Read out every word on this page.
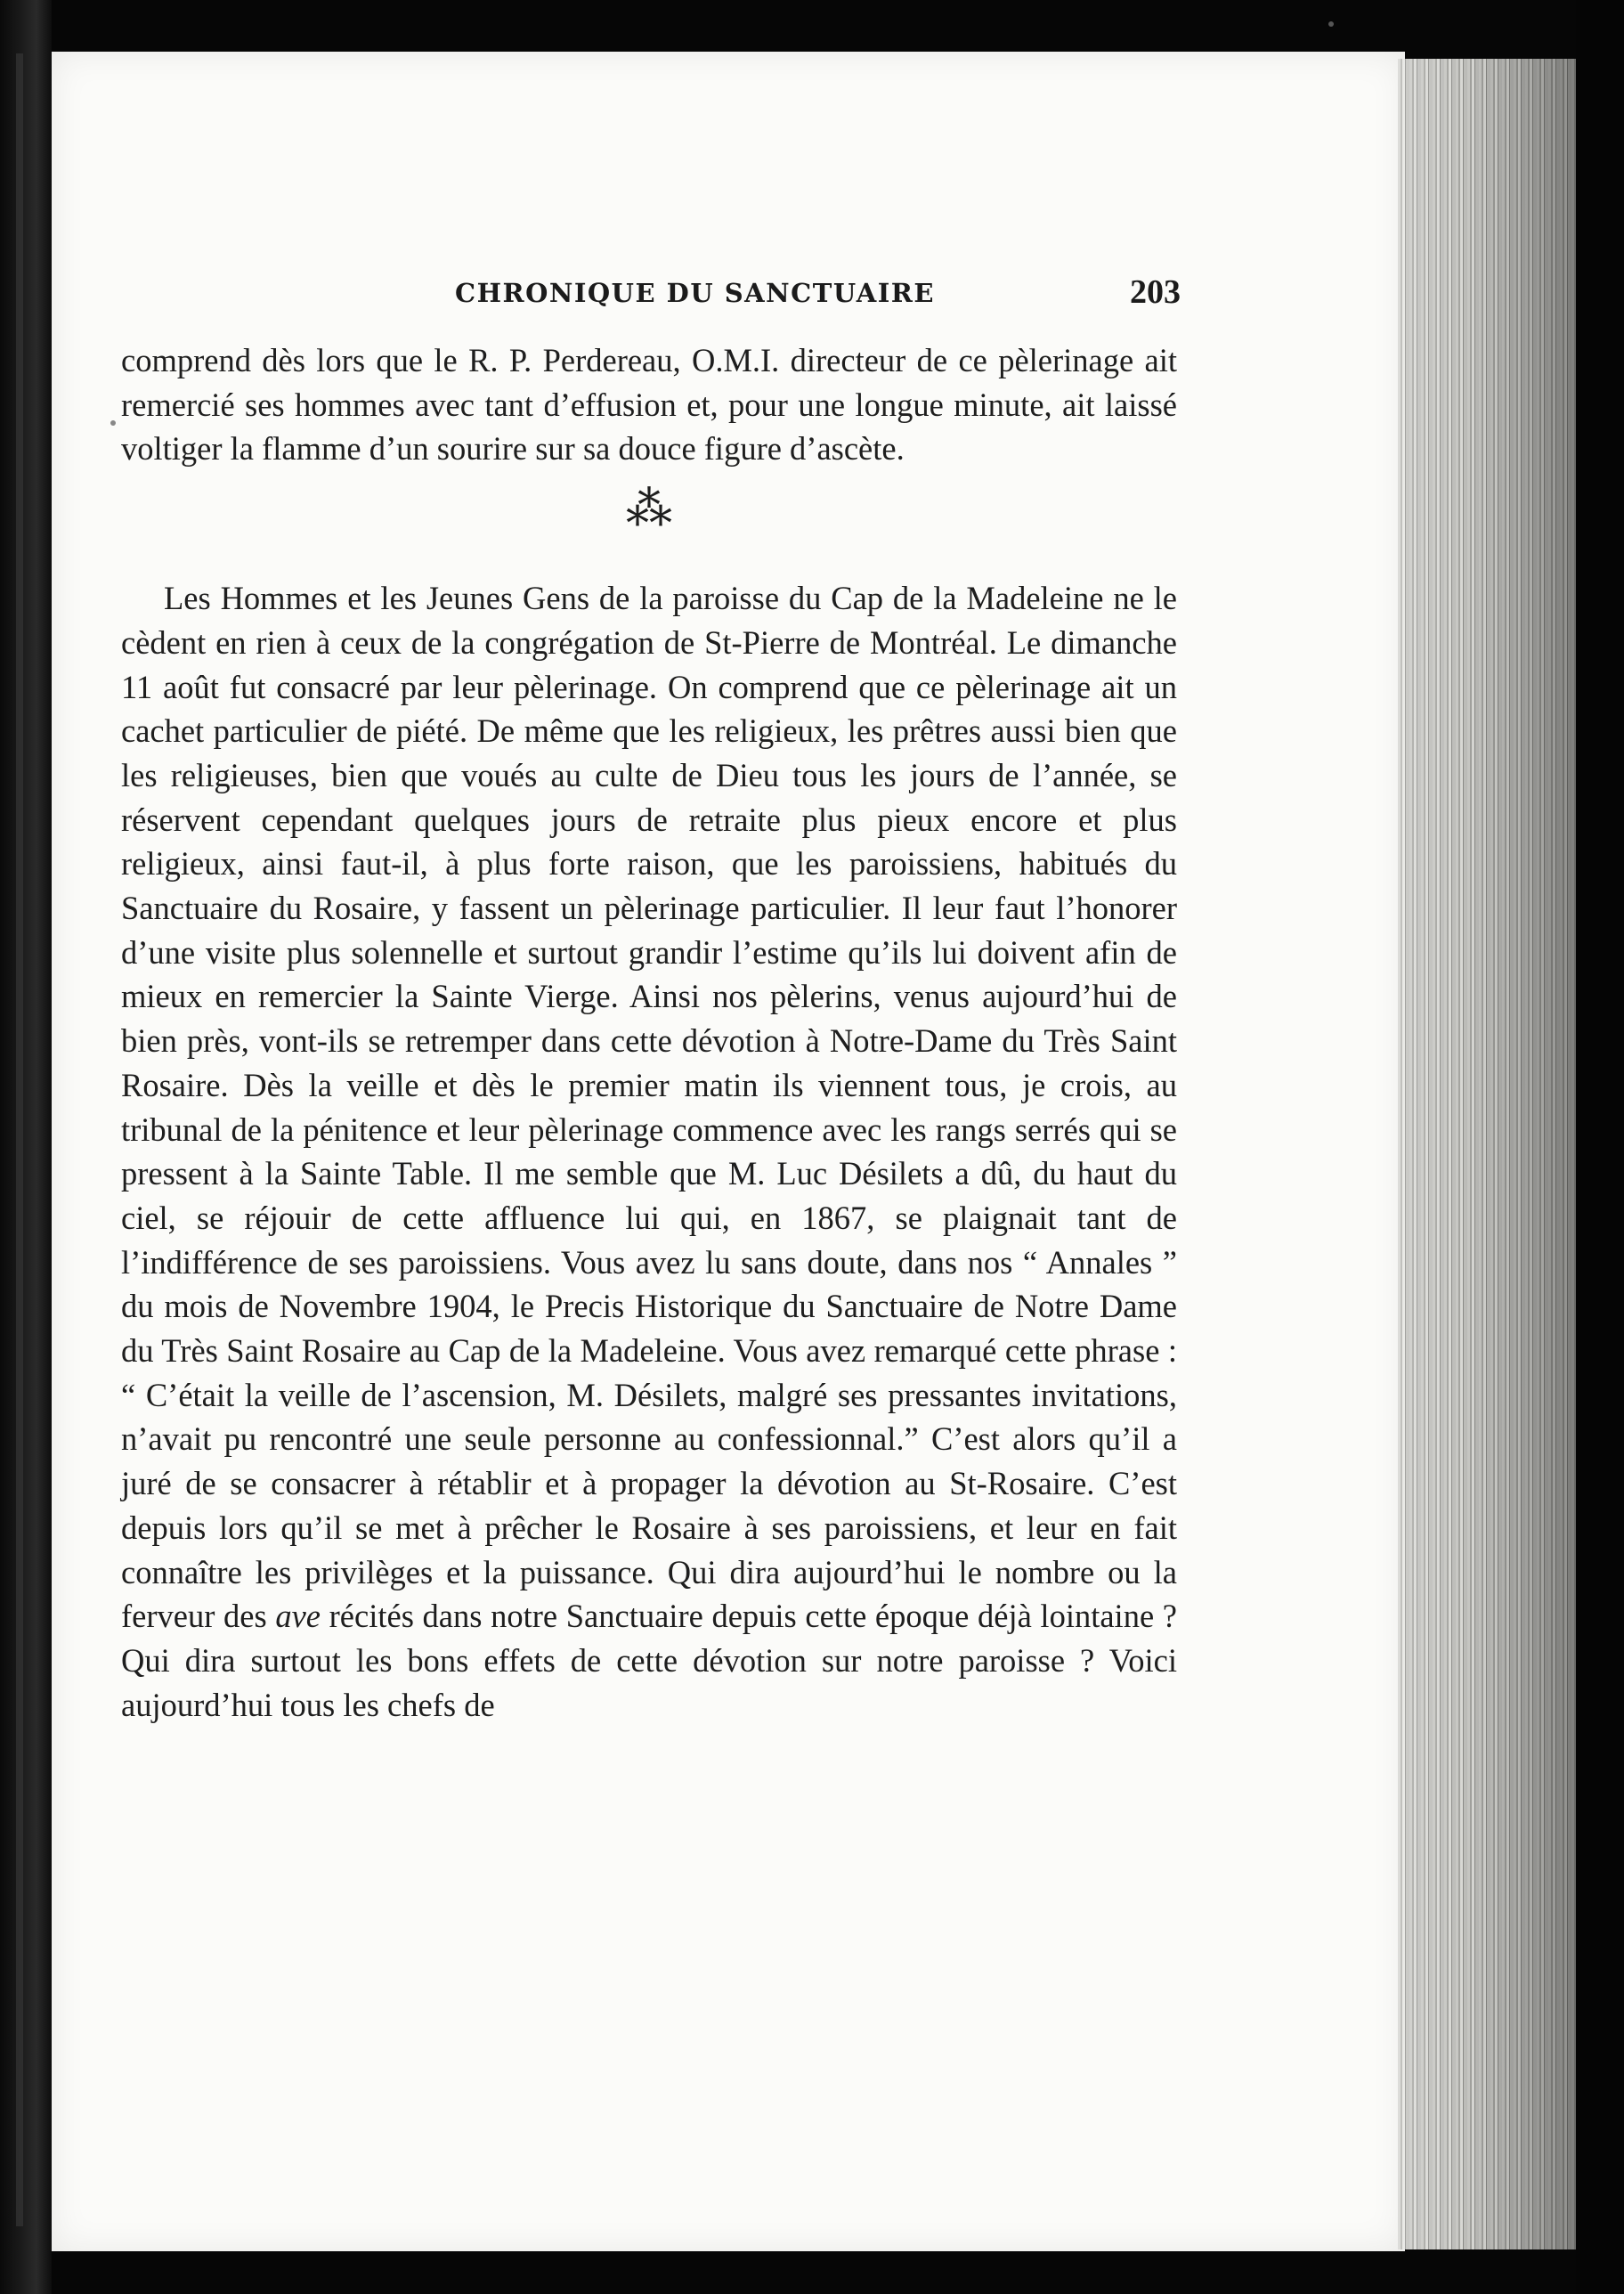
CHRONIQUE DU SANCTUAIRE	203

comprend dès lors que le R. P. Perdereau, O.M.I. directeur de ce pèlerinage ait remercié ses hommes avec tant d’effusion et, pour une longue minute, ait laissé voltiger la flamme d’un sourire sur sa douce figure d’ascète.

⁂

Les Hommes et les Jeunes Gens de la paroisse du Cap de la Madeleine ne le cèdent en rien à ceux de la congrégation de St-Pierre de Montréal. Le dimanche 11 août fut consacré par leur pèlerinage. On comprend que ce pèlerinage ait un cachet particulier de piété. De même que les religieux, les prêtres aussi bien que les religieuses, bien que voués au culte de Dieu tous les jours de l’année, se réservent cependant quelques jours de retraite plus pieux encore et plus religieux, ainsi faut-il, à plus forte raison, que les paroissiens, habitués du Sanctuaire du Rosaire, y fassent un pèlerinage particulier. Il leur faut l’honorer d’une visite plus solennelle et surtout grandir l’estime qu’ils lui doivent afin de mieux en remercier la Sainte Vierge. Ainsi nos pèlerins, venus aujourd’hui de bien près, vont-ils se retremper dans cette dévotion à Notre-Dame du Très Saint Rosaire. Dès la veille et dès le premier matin ils viennent tous, je crois, au tribunal de la pénitence et leur pèlerinage commence avec les rangs serrés qui se pressent à la Sainte Table. Il me semble que M. Luc Désilets a dû, du haut du ciel, se réjouir de cette affluence lui qui, en 1867, se plaignait tant de l’indifférence de ses paroissiens. Vous avez lu sans doute, dans nos “ Annales ” du mois de Novembre 1904, le Precis Historique du Sanctuaire de Notre Dame du Très Saint Rosaire au Cap de la Madeleine. Vous avez remarqué cette phrase : “ C’était la veille de l’ascension, M. Désilets, malgré ses pressantes invitations, n’avait pu rencontré une seule personne au confessionnal.” C’est alors qu’il a juré de se consacrer à rétablir et à propager la dévotion au St-Rosaire. C’est depuis lors qu’il se met à prêcher le Rosaire à ses paroissiens, et leur en fait connaître les privilèges et la puissance. Qui dira aujourd’hui le nombre ou la ferveur des ave récités dans notre Sanctuaire depuis cette époque déjà lointaine ? Qui dira surtout les bons effets de cette dévotion sur notre paroisse ? Voici aujourd’hui tous les chefs de
